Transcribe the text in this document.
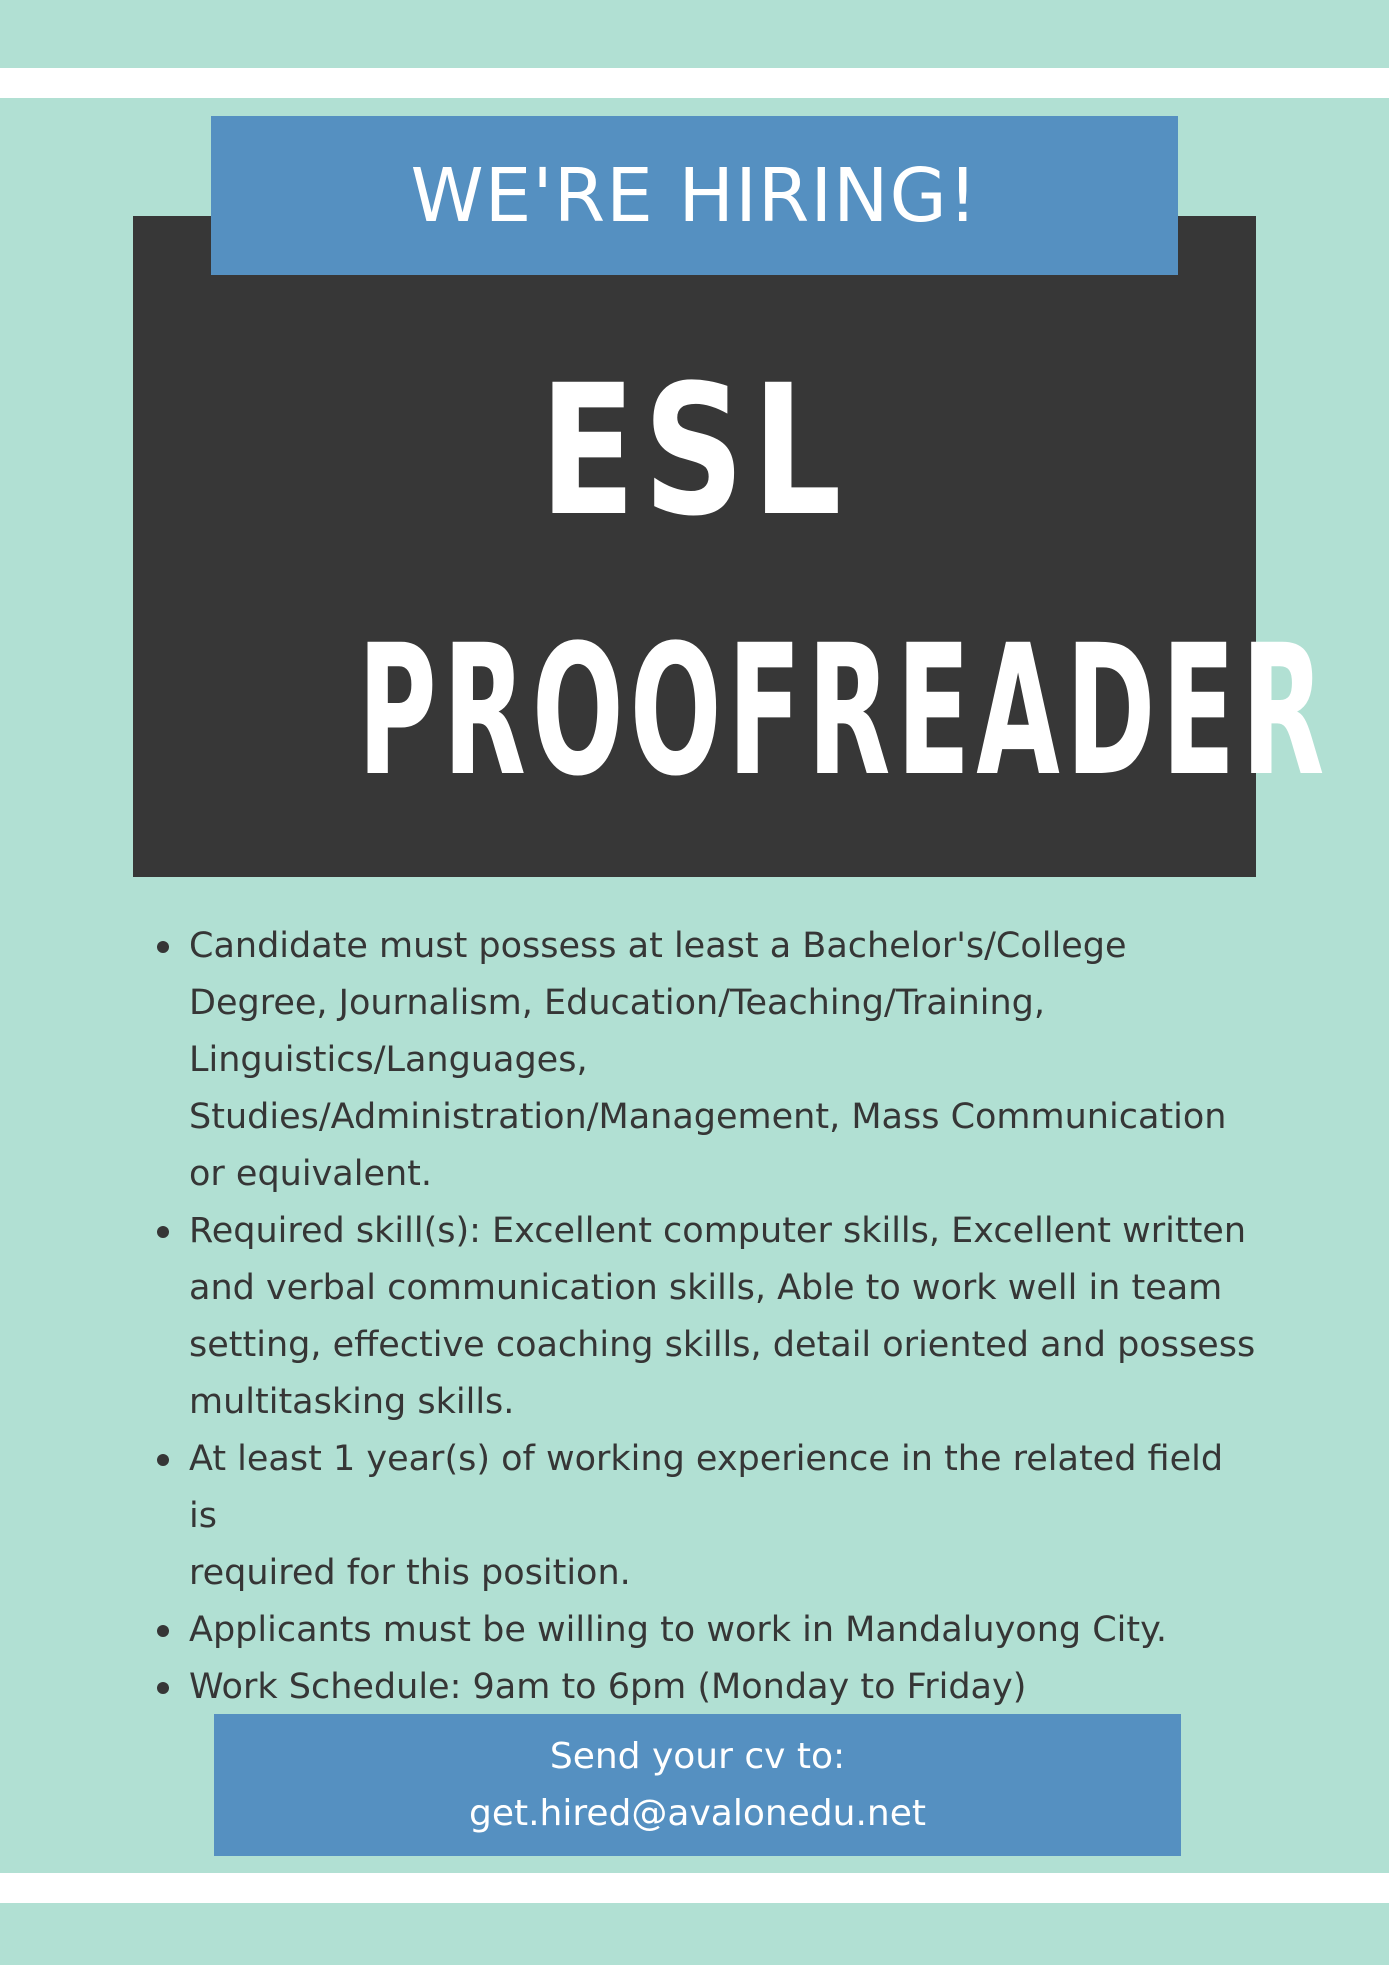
WE'RE HIRING!
ESL
PROOFREADER
Candidate must possess at least a Bachelor's/College
Degree, Journalism, Education/Teaching/Training,
Linguistics/Languages,
Studies/Administration/Management, Mass Communication
or equivalent.
Required skill(s): Excellent computer skills, Excellent written
and verbal communication skills, Able to work well in team
setting, effective coaching skills, detail oriented and possess
multitasking skills.
At least 1 year(s) of working experience in the related field is
required for this position.
Applicants must be willing to work in Mandaluyong City.
Work Schedule: 9am to 6pm (Monday to Friday)
Send your cv to:
get.hired@avalonedu.net
